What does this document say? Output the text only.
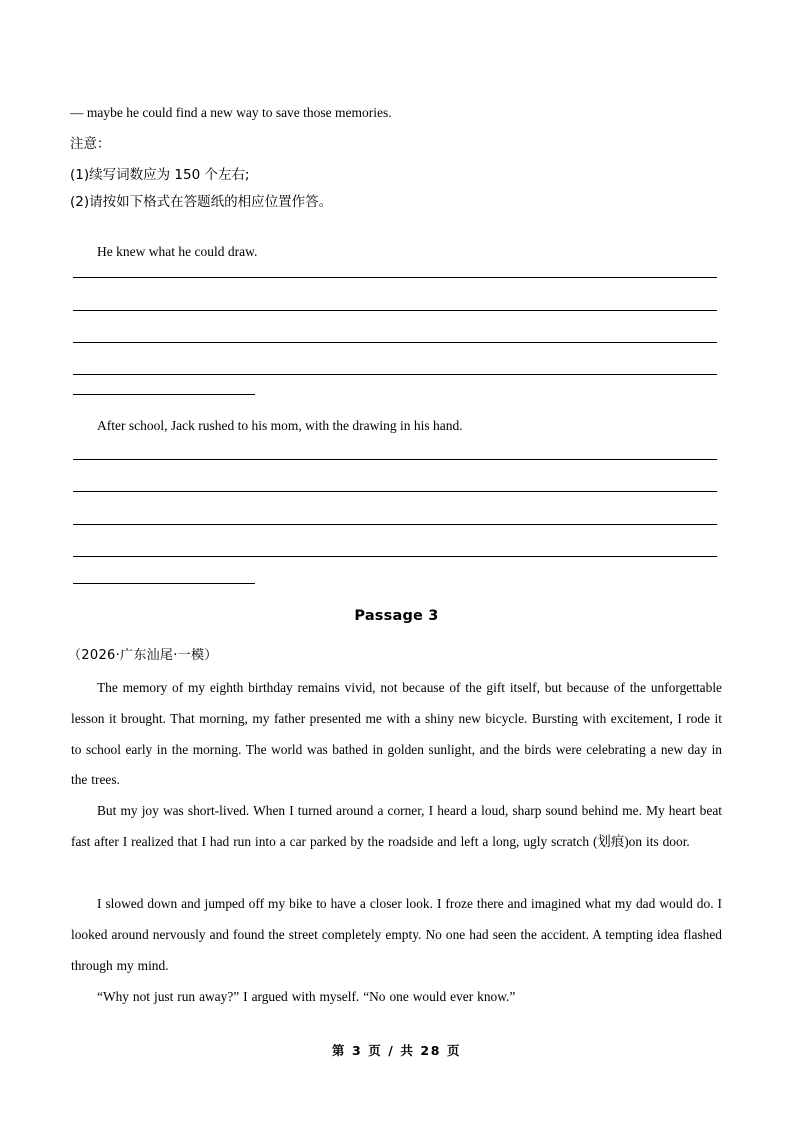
— maybe he could find a new way to save those memories.
注意：
(1)续写词数应为 150 个左右;
(2)请按如下格式在答题纸的相应位置作答。
He knew what he could draw.
After school, Jack rushed to his mom, with the drawing in his hand.
Passage 3
（2026·广东汕尾·一模）
The memory of my eighth birthday remains vivid, not because of the gift itself, but because of the unforgettable lesson it brought. That morning, my father presented me with a shiny new bicycle. Bursting with excitement, I rode it to school early in the morning. The world was bathed in golden sunlight, and the birds were celebrating a new day in the trees.
But my joy was short-lived. When I turned around a corner, I heard a loud, sharp sound behind me. My heart beat fast after I realized that I had run into a car parked by the roadside and left a long, ugly scratch (划痕)on its door.
I slowed down and jumped off my bike to have a closer look. I froze there and imagined what my dad would do. I looked around nervously and found the street completely empty. No one had seen the accident. A tempting idea flashed through my mind.
“Why not just run away?” I argued with myself. “No one would ever know.”
第 3 页 / 共 28 页
